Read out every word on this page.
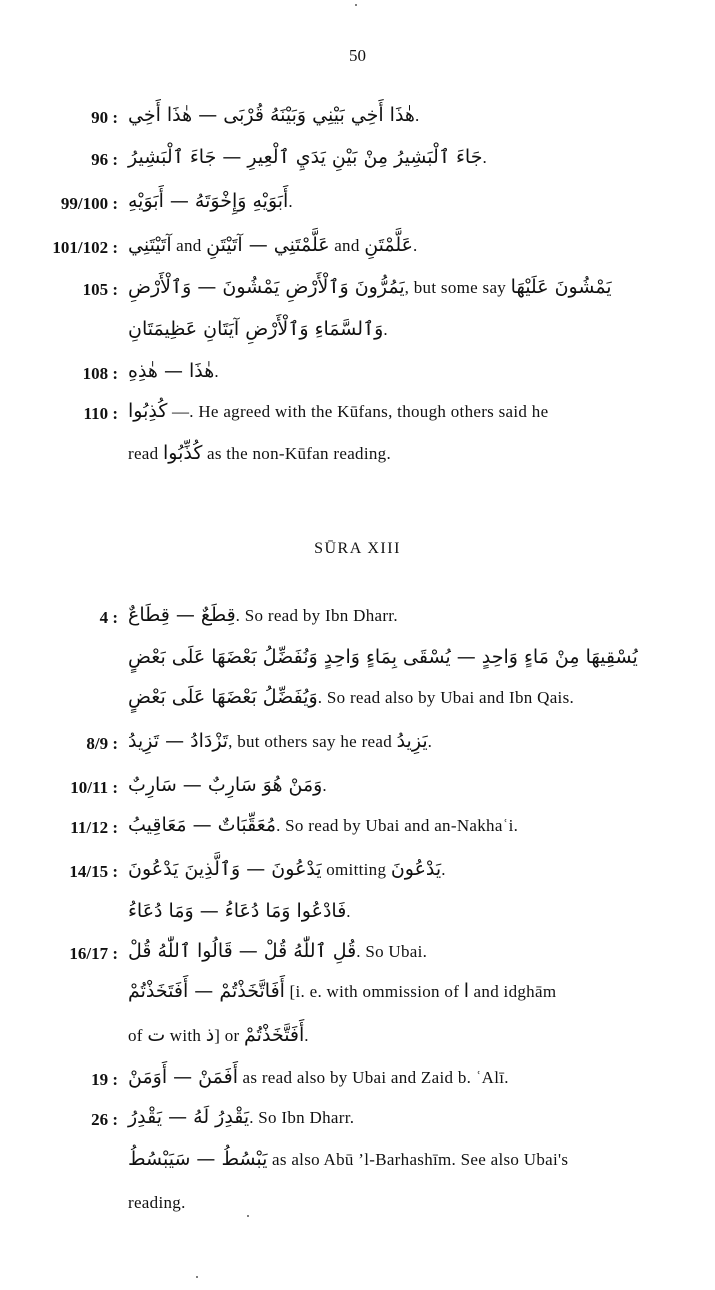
50
90 : هٰذَا أَخِي بَيْنِي وَبَيْنَهُ قُرْبَى — هٰذَا أَخِي.
96 : جَاءَ ٱلْبَشِيرُ مِنْ بَيْنِ يَدَيِ ٱلْعِيرِ — جَاءَ ٱلْبَشِيرُ.
99/100 : أَبَوَيْهِ وَإِخْوَتَهُ — أَبَوَيْهِ.
101/102 : آتَيْتَنِي and عَلَّمْتَنِي — آتَيْتَنِ and عَلَّمْتَنِ.
105 : يَمُرُّونَ وَٱلْأَرْضِ يَمْشُونَ — وَٱلْأَرْضِ, but some say يَمْشُونَ عَلَيْهَا
وَٱلسَّمَاءِ وَٱلْأَرْضِ آيَتَانِ عَظِيمَتَانِ.
108 : هٰذَا — هٰذِهِ.
110 : كُذِبُوا —. He agreed with the Kūfans, though others said he
read كُذِّبُوا as the non-Kūfan reading.
SŪRA XIII
4 : قِطَعٌ — قِطَاعٌ. So read by Ibn Dharr.
يُسْقِيهَا مِنْ مَاءٍ وَاحِدٍ — يُسْقَى بِمَاءٍ وَاحِدٍ وَنُفَضِّلُ بَعْضَهَا عَلَى بَعْضٍ
وَيُفَضِّلُ بَعْضَهَا عَلَى بَعْضٍ. So read also by Ubai and Ibn Qais.
8/9 : تَزْدَادُ — تَزِيدُ, but others say he read يَزِيدُ.
10/11 : وَمَنْ هُوَ سَارِبٌ — سَارِبٌ.
11/12 : مُعَقِّبَاتٌ — مَعَاقِيبُ. So read by Ubai and an-Nakhaʿi.
14/15 : يَدْعُونَ — وَٱلَّذِينَ يَدْعُونَ omitting يَدْعُونَ.
فَادْعُوا وَمَا دُعَاءُ — وَمَا دُعَاءُ.
16/17 : قُلِ ٱللّٰهُ قُلْ — قَالُوا ٱللّٰهُ قُلْ. So Ubai.
أَفَاتَّخَذْتُمْ — أَفَتَخَذْتُمْ [i. e. with ommission of ا and idghām
of ت with ذ] or أَفَتَّخَذْتُمْ.
19 : أَفَمَنْ — أَوَمَنْ as read also by Ubai and Zaid b. ʿAlī.
26 : يَقْدِرُ لَهُ — يَقْدِرُ. So Ibn Dharr.
يَبْسُطُ — سَيَبْسُطُ as also Abū ’l-Barhashīm. See also Ubai's
reading.
